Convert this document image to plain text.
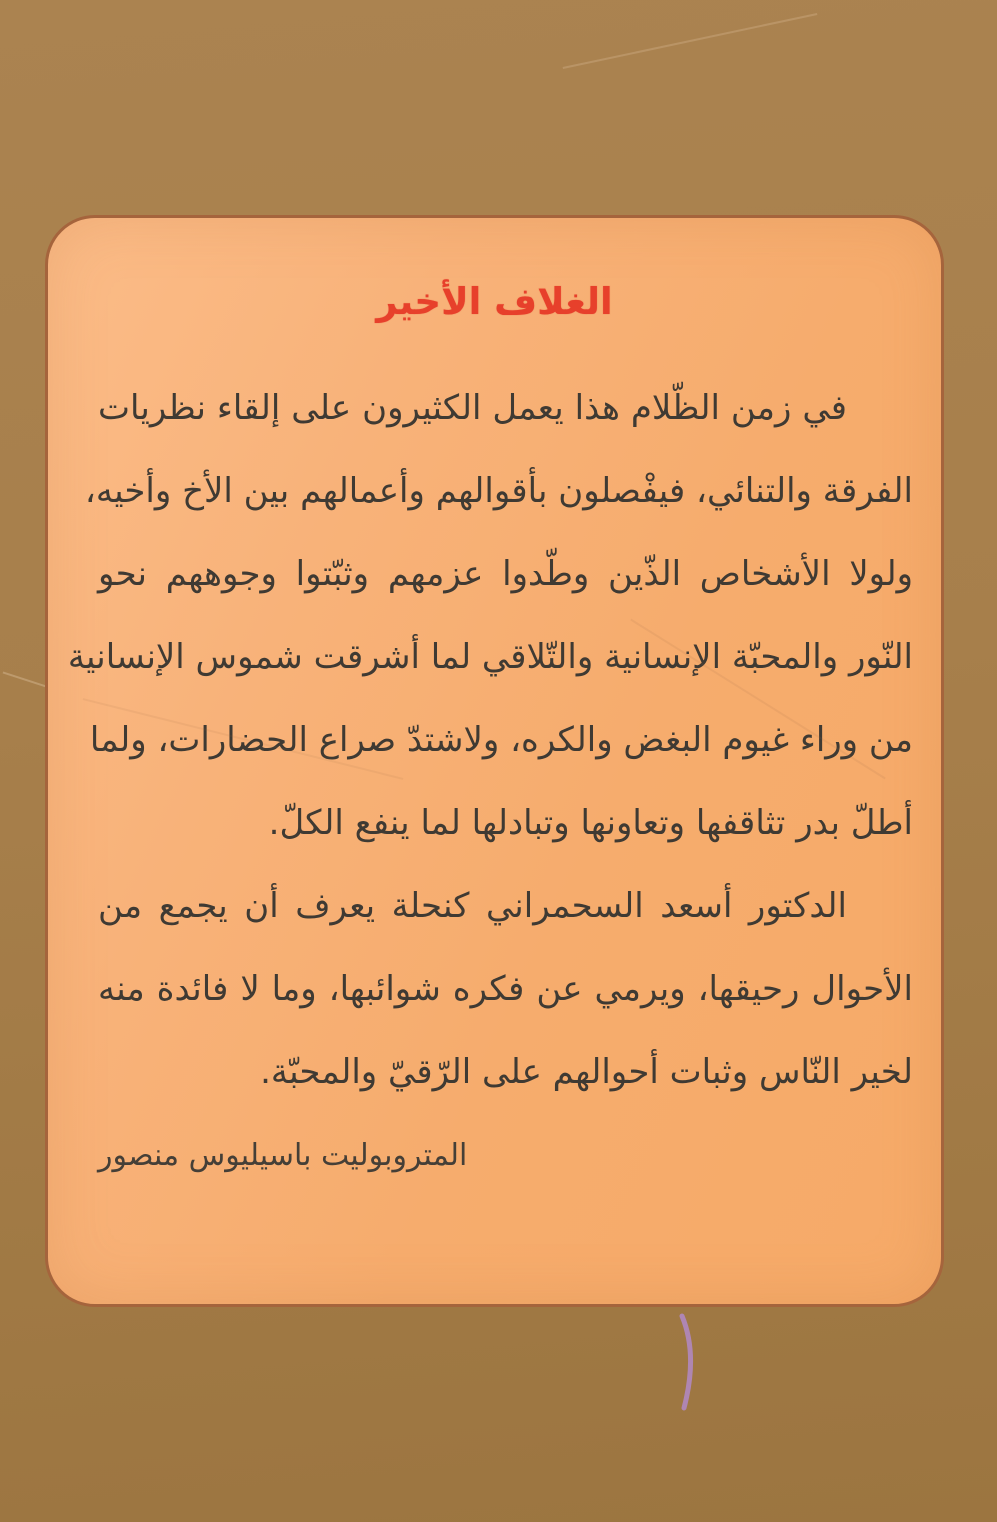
الغلاف الأخير
في زمن الظّلام هذا يعمل الكثيرون على إلقاء نظريات
الفرقة والتنائي، فيفْصلون بأقوالهم وأعمالهم بين الأخ وأخيه،
ولولا الأشخاص الذّين وطّدوا عزمهم وثبّتوا وجوههم نحو
النّور والمحبّة الإنسانية والتّلاقي لما أشرقت شموس الإنسانية
من وراء غيوم البغض والكره، ولاشتدّ صراع الحضارات، ولما
أطلّ بدر تثاقفها وتعاونها وتبادلها لما ينفع الكلّ.
الدكتور أسعد السحمراني كنحلة يعرف أن يجمع من
الأحوال رحيقها، ويرمي عن فكره شوائبها، وما لا فائدة منه
لخير النّاس وثبات أحوالهم على الرّقيّ والمحبّة.
المتروبوليت باسيليوس منصور
